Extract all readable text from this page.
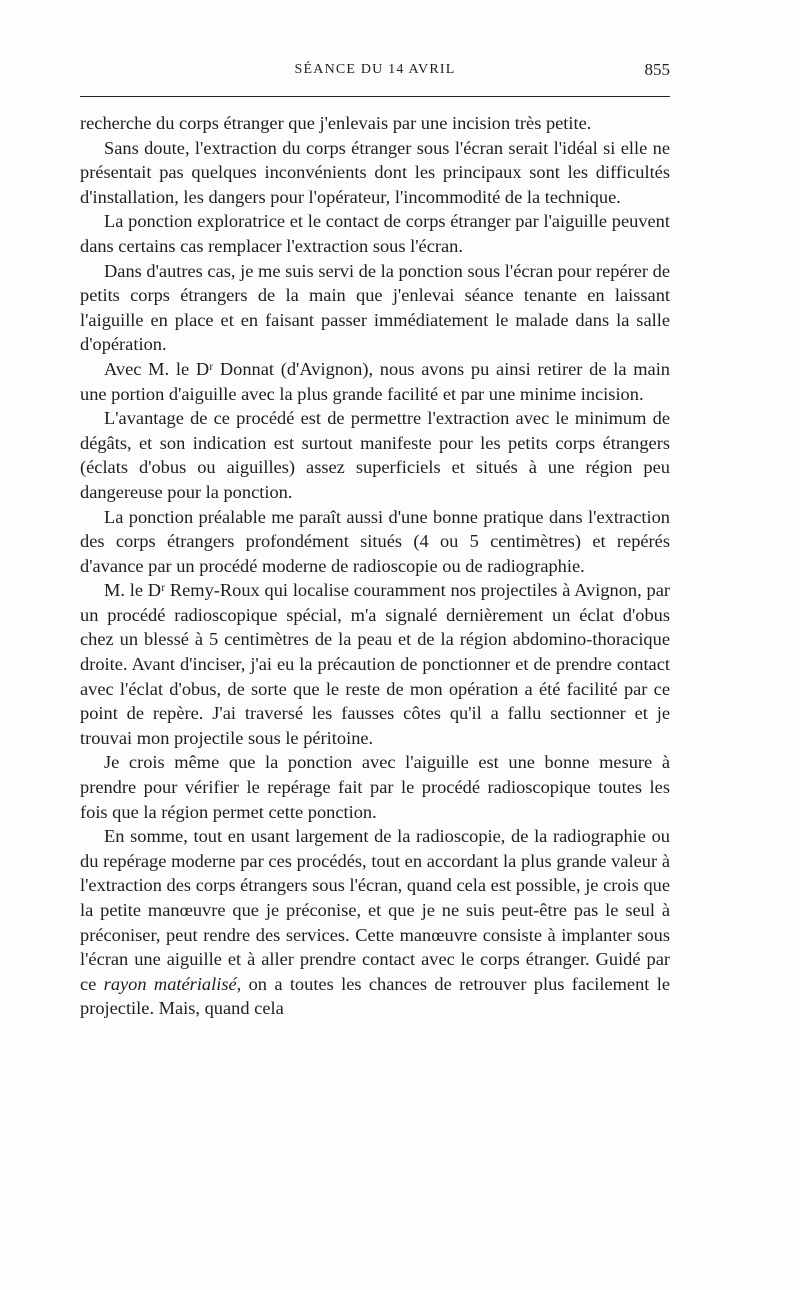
SÉANCE DU 14 AVRIL	855

recherche du corps étranger que j'enlevais par une incision très petite.

Sans doute, l'extraction du corps étranger sous l'écran serait l'idéal si elle ne présentait pas quelques inconvénients dont les principaux sont les difficultés d'installation, les dangers pour l'opérateur, l'incommodité de la technique.

La ponction exploratrice et le contact de corps étranger par l'aiguille peuvent dans certains cas remplacer l'extraction sous l'écran.

Dans d'autres cas, je me suis servi de la ponction sous l'écran pour repérer de petits corps étrangers de la main que j'enlevai séance tenante en laissant l'aiguille en place et en faisant passer immédiatement le malade dans la salle d'opération.

Avec M. le Dʳ Donnat (d'Avignon), nous avons pu ainsi retirer de la main une portion d'aiguille avec la plus grande facilité et par une minime incision.

L'avantage de ce procédé est de permettre l'extraction avec le minimum de dégâts, et son indication est surtout manifeste pour les petits corps étrangers (éclats d'obus ou aiguilles) assez superficiels et situés à une région peu dangereuse pour la ponction.

La ponction préalable me paraît aussi d'une bonne pratique dans l'extraction des corps étrangers profondément situés (4 ou 5 centimètres) et repérés d'avance par un procédé moderne de radioscopie ou de radiographie.

M. le Dʳ Remy-Roux qui localise couramment nos projectiles à Avignon, par un procédé radioscopique spécial, m'a signalé dernièrement un éclat d'obus chez un blessé à 5 centimètres de la peau et de la région abdomino-thoracique droite. Avant d'inciser, j'ai eu la précaution de ponctionner et de prendre contact avec l'éclat d'obus, de sorte que le reste de mon opération a été facilité par ce point de repère. J'ai traversé les fausses côtes qu'il a fallu sectionner et je trouvai mon projectile sous le péritoine.

Je crois même que la ponction avec l'aiguille est une bonne mesure à prendre pour vérifier le repérage fait par le procédé radioscopique toutes les fois que la région permet cette ponction.

En somme, tout en usant largement de la radioscopie, de la radiographie ou du repérage moderne par ces procédés, tout en accordant la plus grande valeur à l'extraction des corps étrangers sous l'écran, quand cela est possible, je crois que la petite manœuvre que je préconise, et que je ne suis peut-être pas le seul à préconiser, peut rendre des services. Cette manœuvre consiste à implanter sous l'écran une aiguille et à aller prendre contact avec le corps étranger. Guidé par ce rayon matérialisé, on a toutes les chances de retrouver plus facilement le projectile. Mais, quand cela
